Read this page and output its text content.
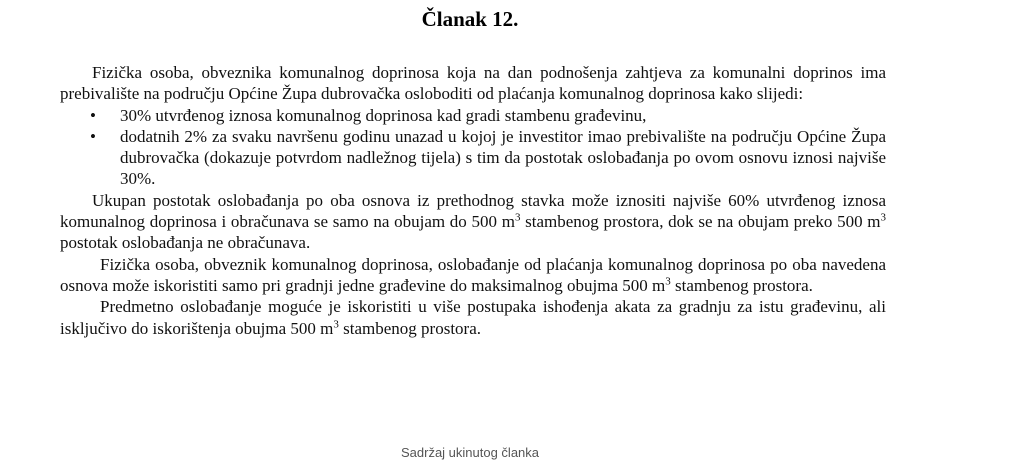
Članak 12.

Fizička osoba, obveznika komunalnog doprinosa koja na dan podnošenja zahtjeva za komunalni doprinos ima prebivalište na području Općine Župa dubrovačka osloboditi od plaćanja komunalnog doprinosa kako slijedi:

• 30% utvrđenog iznosa komunalnog doprinosa kad gradi stambenu građevinu,
• dodatnih 2% za svaku navršenu godinu unazad u kojoj je investitor imao prebivalište na području Općine Župa dubrovačka (dokazuje potvrdom nadležnog tijela) s tim da postotak oslobađanja po ovom osnovu iznosi najviše 30%.

Ukupan postotak oslobađanja po oba osnova iz prethodnog stavka može iznositi najviše 60% utvrđenog iznosa komunalnog doprinosa i obračunava se samo na obujam do 500 $m^3$ stambenog prostora, dok se na obujam preko 500 $m^3$ postotak oslobađanja ne obračunava.

Fizička osoba, obveznik komunalnog doprinosa, oslobađanje od plaćanja komunalnog doprinosa po oba navedena osnova može iskoristiti samo pri gradnji jedne građevine do maksimalnog obujma 500 $m^3$ stambenog prostora.

Predmetno oslobađanje moguće je iskoristiti u više postupaka ishođenja akata za gradnju za istu građevinu, ali isključivo do iskorištenja obujma 500 $m^3$ stambenog prostora.

Sadržaj ukinutog članka
